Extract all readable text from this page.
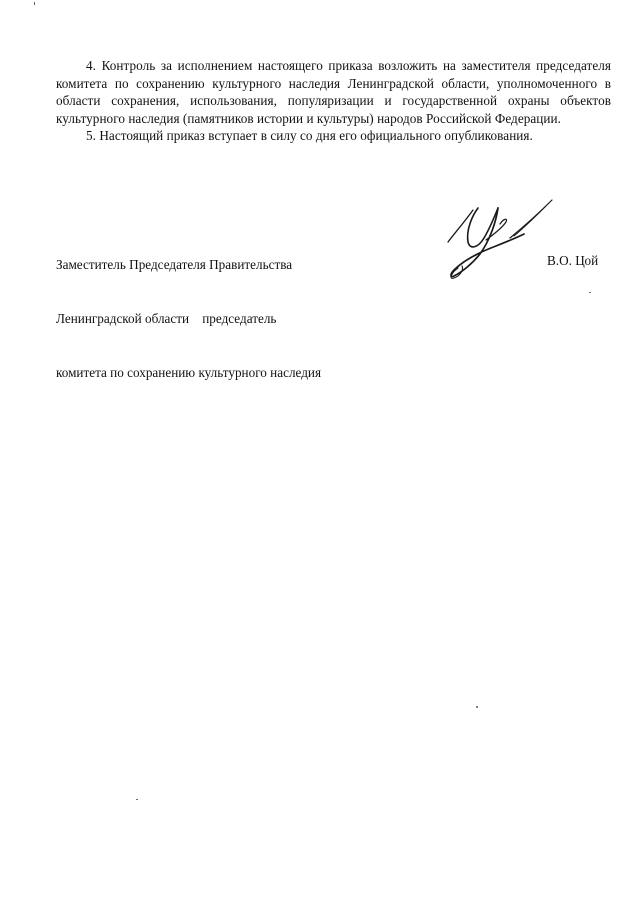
4. Контроль за исполнением настоящего приказа возложить на заместителя председателя комитета по сохранению культурного наследия Ленинградской области, уполномоченного в области сохранения, использования, популяризации и государственной охраны объектов культурного наследия (памятников истории и культуры) народов Российской Федерации.

5. Настоящий приказ вступает в силу со дня его официального опубликования.

Заместитель Председателя Правительства

Ленинградской области    председатель

комитета по сохранению культурного наследия

В.О. Цой
